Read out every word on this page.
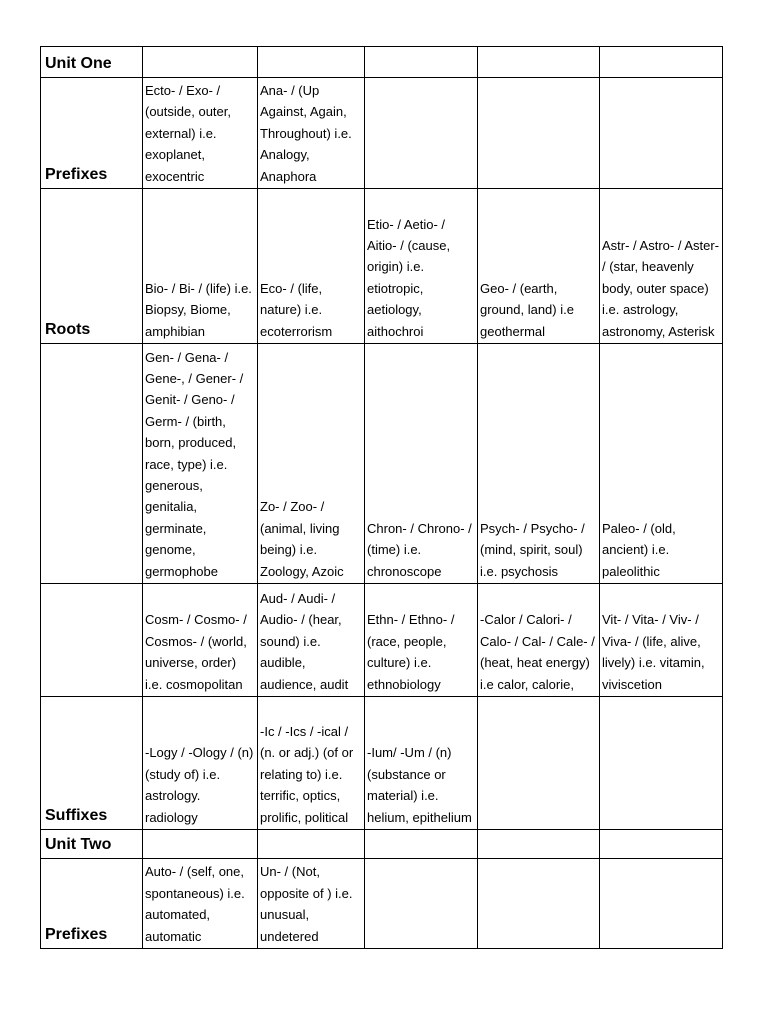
Unit One					
Prefixes	Ecto- / Exo- / (outside, outer, external) i.e. exoplanet, exocentric	Ana- / (Up Against, Again, Throughout) i.e. Analogy, Anaphora			
Roots	Bio- / Bi- / (life) i.e. Biopsy, Biome, amphibian	Eco- / (life, nature) i.e. ecoterrorism	Etio- / Aetio- / Aitio- / (cause, origin) i.e. etiotropic, aetiology, aithochroi	Geo- / (earth, ground, land) i.e geothermal	Astr- / Astro- / Aster- / (star, heavenly body, outer space) i.e. astrology, astronomy, Asterisk
	Gen- / Gena- / Gene-, / Gener- / Genit- / Geno- / Germ- / (birth, born, produced, race, type) i.e. generous, genitalia, germinate, genome, germophobe	Zo- / Zoo- / (animal, living being) i.e. Zoology, Azoic	Chron- / Chrono- / (time) i.e. chronoscope	Psych- / Psycho- / (mind, spirit, soul) i.e. psychosis	Paleo- / (old, ancient) i.e. paleolithic
	Cosm- / Cosmo- / Cosmos- / (world, universe, order) i.e. cosmopolitan	Aud- / Audi- / Audio- / (hear, sound) i.e. audible, audience, audit	Ethn- / Ethno- / (race, people, culture) i.e. ethnobiology	-Calor / Calori- / Calo- / Cal- / Cale- / (heat, heat energy) i.e calor, calorie,	Vit- / Vita- / Viv- / Viva- / (life, alive, lively) i.e. vitamin, viviscetion
Suffixes	-Logy / -Ology / (n) (study of) i.e. astrology. radiology	-Ic / -Ics / -ical / (n. or adj.) (of or relating to) i.e. terrific, optics, prolific, political	-Ium/ -Um / (n) (substance or material) i.e. helium, epithelium		
Unit Two					
Prefixes	Auto- / (self, one, spontaneous) i.e. automated, automatic	Un- / (Not, opposite of ) i.e. unusual, undetered			
